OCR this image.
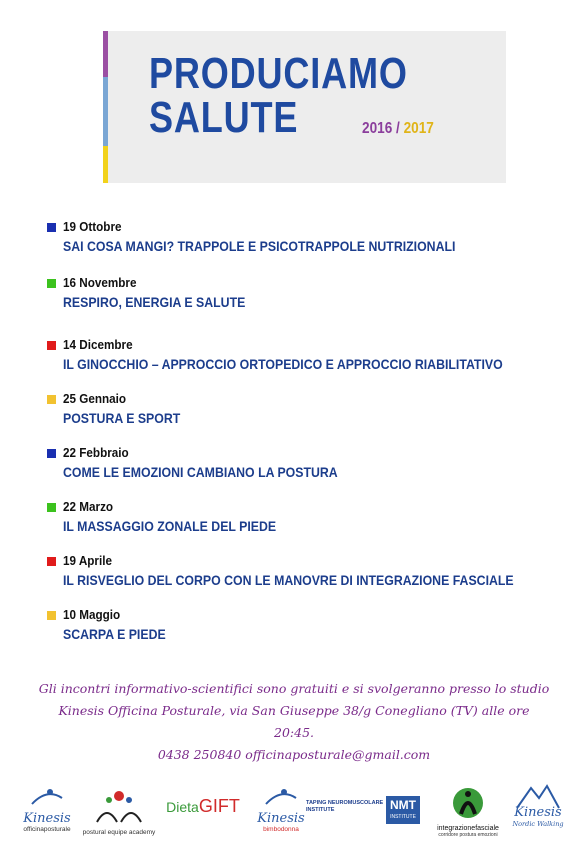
PRODUCIAMO
SALUTE	2016 / 2017
19 Ottobre
SAI COSA MANGI? TRAPPOLE E PSICOTRAPPOLE NUTRIZIONALI
16 Novembre
RESPIRO, ENERGIA E SALUTE
14 Dicembre
IL GINOCCHIO – APPROCCIO ORTOPEDICO E APPROCCIO RIABILITATIVO
25 Gennaio
POSTURA E SPORT
22 Febbraio
COME LE EMOZIONI CAMBIANO LA POSTURA
22 Marzo
IL MASSAGGIO ZONALE DEL PIEDE
19 Aprile
IL RISVEGLIO DEL CORPO CON LE MANOVRE DI INTEGRAZIONE FASCIALE
10 Maggio
SCARPA E PIEDE

Gli incontri informativo-scientifici sono gratuiti e si svolgeranno presso lo studio

Kinesis Officina Posturale, via San Giuseppe 38/g Conegliano (TV) alle ore

20:45.

0438 250840 officinaposturale@gmail.com

Kinesis
officinaposturale	postural equipe academy
DietaGIFT
Kinesis
bimbodonna
TAPING NEUROMUSCOLARE INSTITUTE	NMT
INSTITUTE
integrazionefasciale
corridore postura emozioni
Kinesis
Nordic Walking
